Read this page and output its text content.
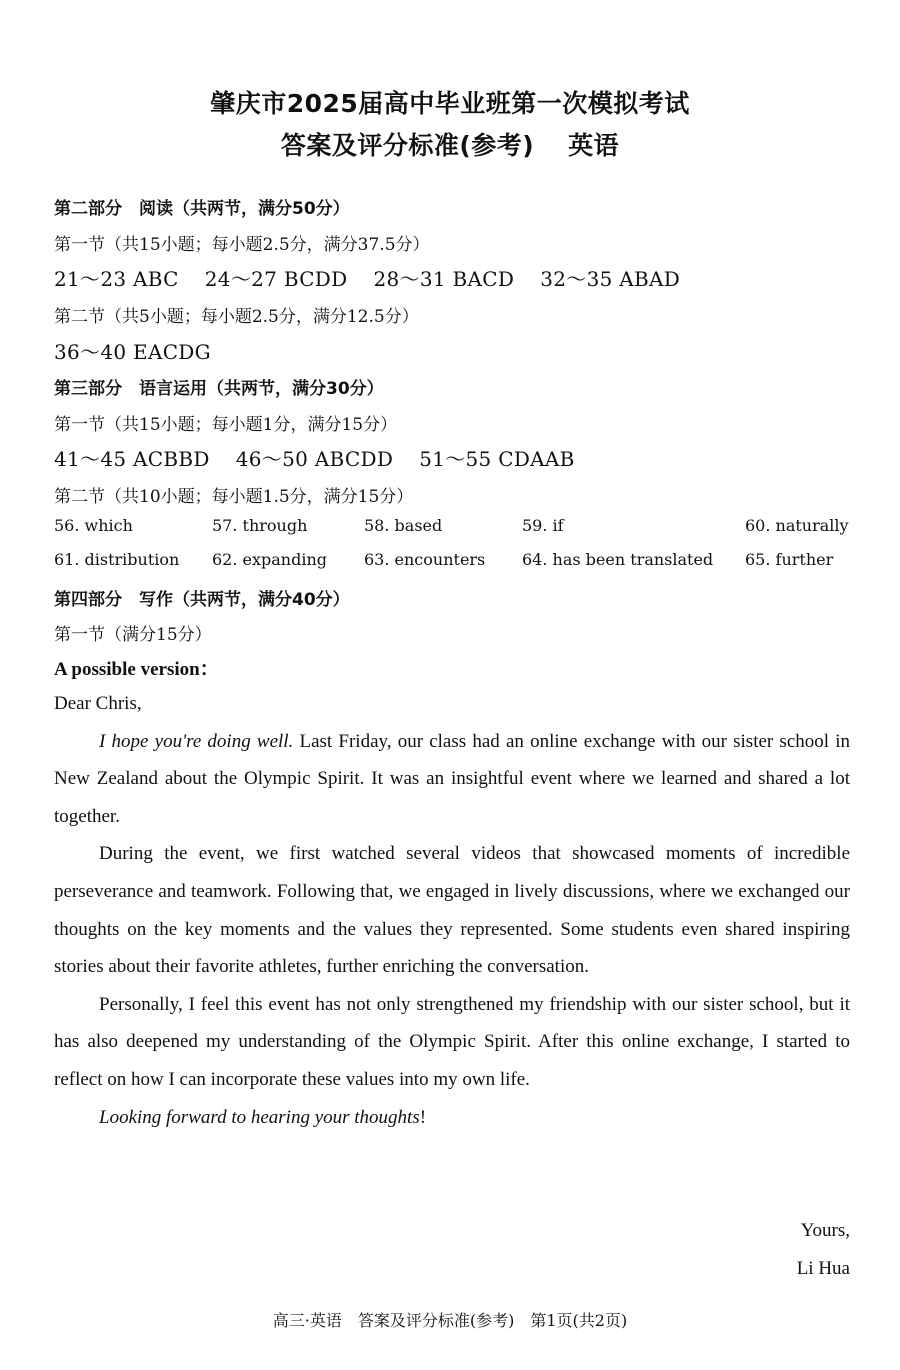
肇庆市2025届高中毕业班第一次模拟考试
答案及评分标准(参考) 英语
第二部分　阅读（共两节，满分50分）
第一节（共15小题；每小题2.5分，满分37.5分）
21～23 ABC 24～27 BCDD 28～31 BACD 32～35 ABAD
第二节（共5小题；每小题2.5分，满分12.5分）
36～40 EACDG
第三部分　语言运用（共两节，满分30分）
第一节（共15小题；每小题1分，满分15分）
41～45 ACBBD 46～50 ABCDD 51～55 CDAAB
第二节（共10小题；每小题1.5分，满分15分）
56. which	57. through	58. based	59. if	60. naturally
61. distribution 62. expanding 63. encounters 64. has been translated 65. further
第四部分　写作（共两节，满分40分）
第一节（满分15分）
A possible version：

Dear Chris,

I hope you're doing well. Last Friday, our class had an online exchange with our sister school in New Zealand about the Olympic Spirit. It was an insightful event where we learned and shared a lot together.

During the event, we first watched several videos that showcased moments of incredible perseverance and teamwork. Following that, we engaged in lively discussions, where we exchanged our thoughts on the key moments and the values they represented. Some students even shared inspiring stories about their favorite athletes, further enriching the conversation.

Personally, I feel this event has not only strengthened my friendship with our sister school, but it has also deepened my understanding of the Olympic Spirit. After this online exchange, I started to reflect on how I can incorporate these values into my own life.

Looking forward to hearing your thoughts!

Yours,
Li Hua
高三·英语　答案及评分标准(参考)　第1页(共2页)
